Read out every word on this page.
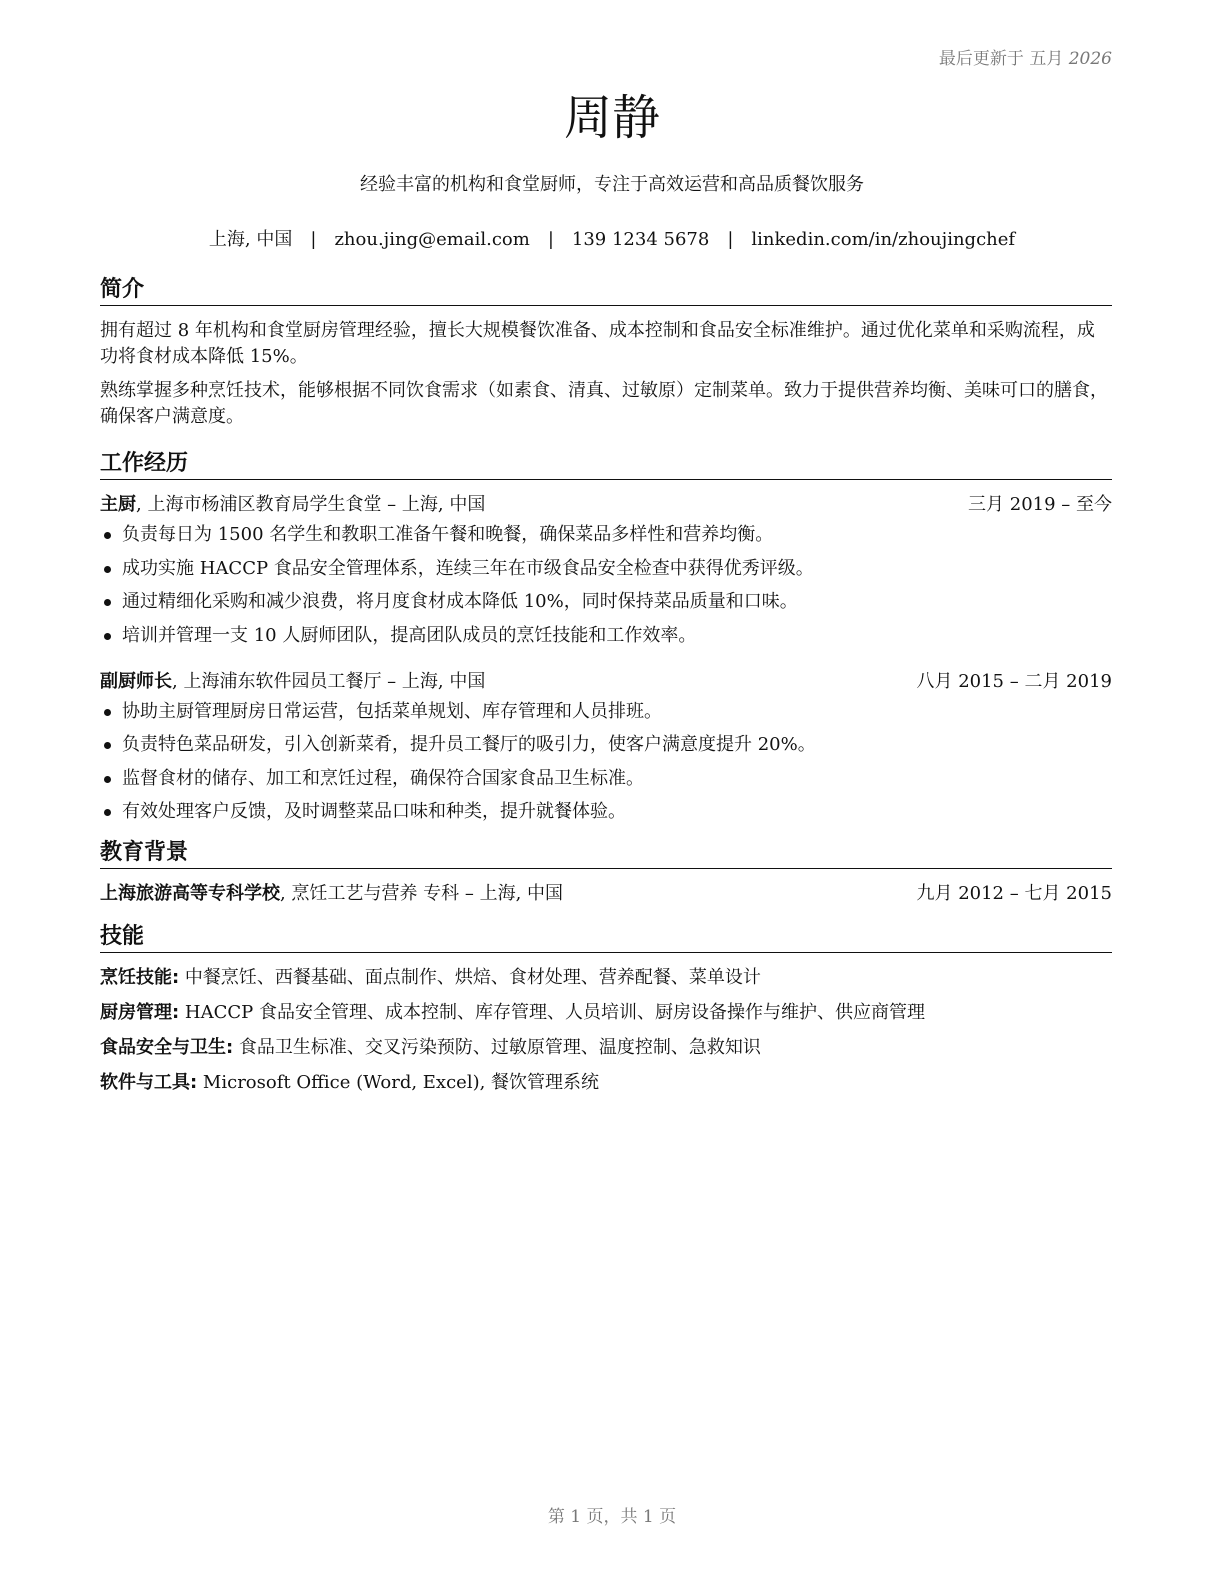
最后更新于 五月 2026
周静
经验丰富的机构和食堂厨师，专注于高效运营和高品质餐饮服务
上海, 中国 | zhou.jing@email.com | 139 1234 5678 | linkedin.com/in/zhoujingchef
简介

拥有超过 8 年机构和食堂厨房管理经验，擅长大规模餐饮准备、成本控制和食品安全标准维护。通过优化菜单和采购流程，成功将食材成本降低 15%。

熟练掌握多种烹饪技术，能够根据不同饮食需求（如素食、清真、过敏原）定制菜单。致力于提供营养均衡、美味可口的膳食，确保客户满意度。

工作经历
主厨, 上海市杨浦区教育局学生食堂 – 上海, 中国	三月 2019 – 至今
负责每日为 1500 名学生和教职工准备午餐和晚餐，确保菜品多样性和营养均衡。
成功实施 HACCP 食品安全管理体系，连续三年在市级食品安全检查中获得优秀评级。
通过精细化采购和减少浪费，将月度食材成本降低 10%，同时保持菜品质量和口味。
培训并管理一支 10 人厨师团队，提高团队成员的烹饪技能和工作效率。
副厨师长, 上海浦东软件园员工餐厅 – 上海, 中国	八月 2015 – 二月 2019
协助主厨管理厨房日常运营，包括菜单规划、库存管理和人员排班。
负责特色菜品研发，引入创新菜肴，提升员工餐厅的吸引力，使客户满意度提升 20%。
监督食材的储存、加工和烹饪过程，确保符合国家食品卫生标准。
有效处理客户反馈，及时调整菜品口味和种类，提升就餐体验。
教育背景
上海旅游高等专科学校, 烹饪工艺与营养 专科 – 上海, 中国	九月 2012 – 七月 2015
技能
烹饪技能: 中餐烹饪、西餐基础、面点制作、烘焙、食材处理、营养配餐、菜单设计
厨房管理: HACCP 食品安全管理、成本控制、库存管理、人员培训、厨房设备操作与维护、供应商管理
食品安全与卫生: 食品卫生标准、交叉污染预防、过敏原管理、温度控制、急救知识
软件与工具: Microsoft Office (Word, Excel), 餐饮管理系统
第 1 页，共 1 页
